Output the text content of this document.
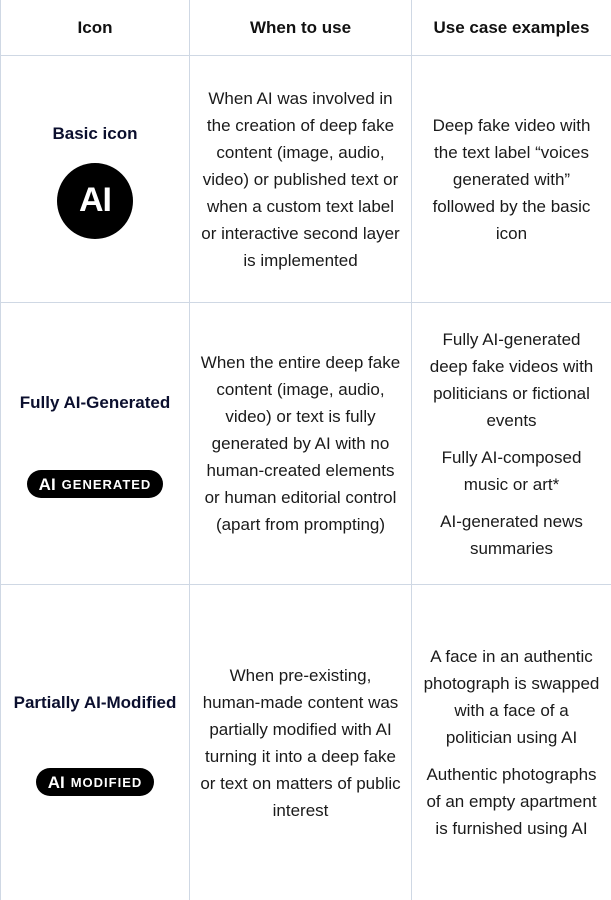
Icon	When to use	Use case examples
Basic icon
AI
When AI was involved in the creation of deep fake content (image, audio, video) or published text or when a custom text label or interactive second layer is implemented

Deep fake video with the text label “voices generated with” followed by the basic icon

Fully AI-Generated
AI GENERATED
When the entire deep fake content (image, audio, video) or text is fully generated by AI with no human-created elements or human editorial control (apart from prompting)

Fully AI-generated deep fake videos with politicians or fictional events

Fully AI-composed music or art*

AI-generated news summaries

Partially AI-Modified
AI MODIFIED
When pre-existing, human-made content was partially modified with AI turning it into a deep fake or text on matters of public interest

A face in an authentic photograph is swapped with a face of a politician using AI

Authentic photographs of an empty apartment is furnished using AI
